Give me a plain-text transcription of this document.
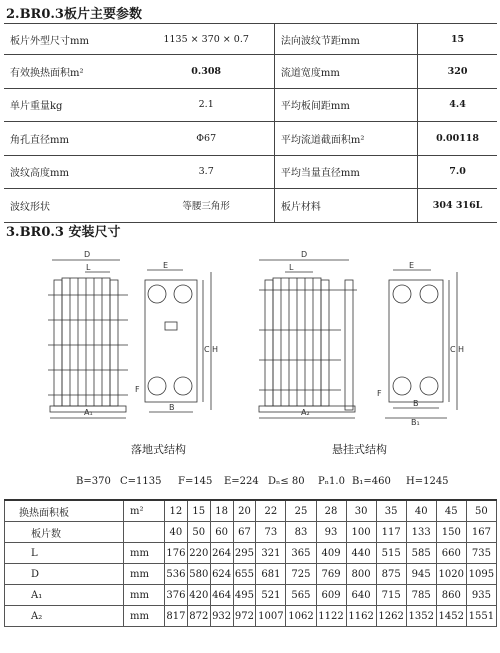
2.BR0.3板片主要参数
板片外型尺寸mm	1135 × 370 × 0.7	法向波纹节距mm	15
有效换热面积m²	0.308	流道宽度mm	320
单片重量kg	2.1	平均板间距mm	4.4
角孔直径mm	Φ67	平均流道截面积m²	0.00118
波纹高度mm	3.7	平均当量直径mm	7.0
波纹形状	等腰三角形	板片材料	304 316L
3.BR0.3 安装尺寸
D
L
A₁
E
C H
F
B
D
L
A₂
E
C H
F
B
B₁
落地式结构	悬挂式结构
B=370 C=1135 F=145 E=224 Dₙ≤ 80 Pₙ1.0 B₁=460 H=1245
换热面积板	m²	12	15	18	20	22	25	28	30	35	40	45	50
板片数		40	50	60	67	73	83	93	100	117	133	150	167
L	mm	176	220	264	295	321	365	409	440	515	585	660	735
D	mm	536	580	624	655	681	725	769	800	875	945	1020	1095
A₁	mm	376	420	464	495	521	565	609	640	715	785	860	935
A₂	mm	817	872	932	972	1007	1062	1122	1162	1262	1352	1452	1551
